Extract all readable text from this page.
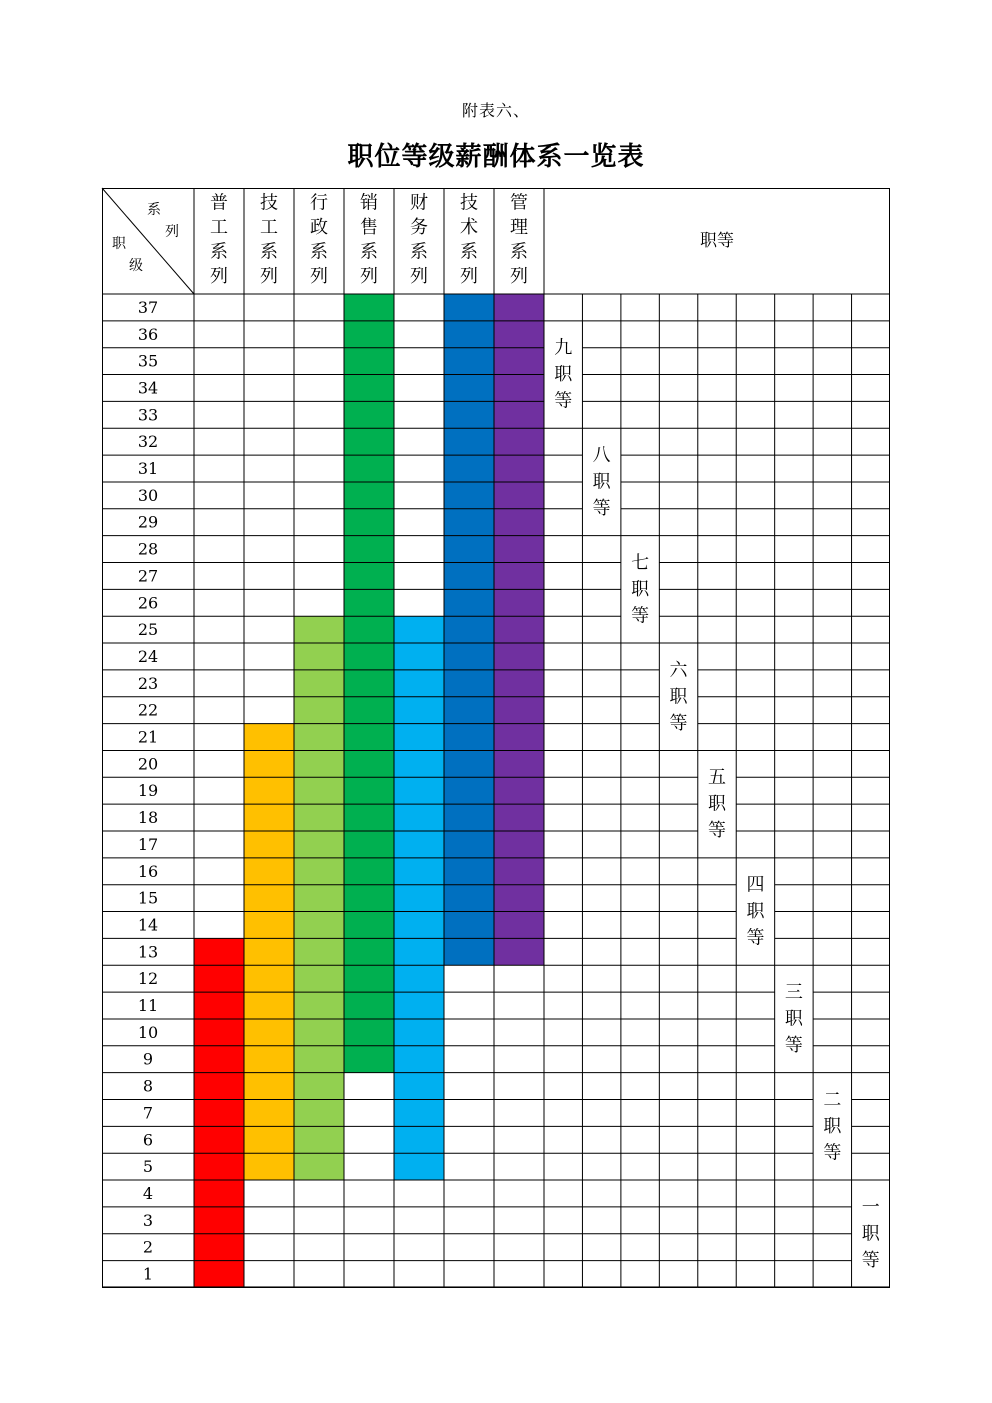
附表六、
职位等级薪酬体系一览表
系
列
职
级
普
工
系
列
技
工
系
列
行
政
系
列
销
售
系
列
财
务
系
列
技
术
系
列
管
理
系
列
职等
37
36
35
34
33
32
31
30
29
28
27
26
25
24
23
22
21
20
19
18
17
16
15
14
13
12
11
10
9
8
7
6
5
4
3
2
1
九
职
等
八
职
等
七
职
等
六
职
等
五
职
等
四
职
等
三
职
等
二
职
等
一
职
等
